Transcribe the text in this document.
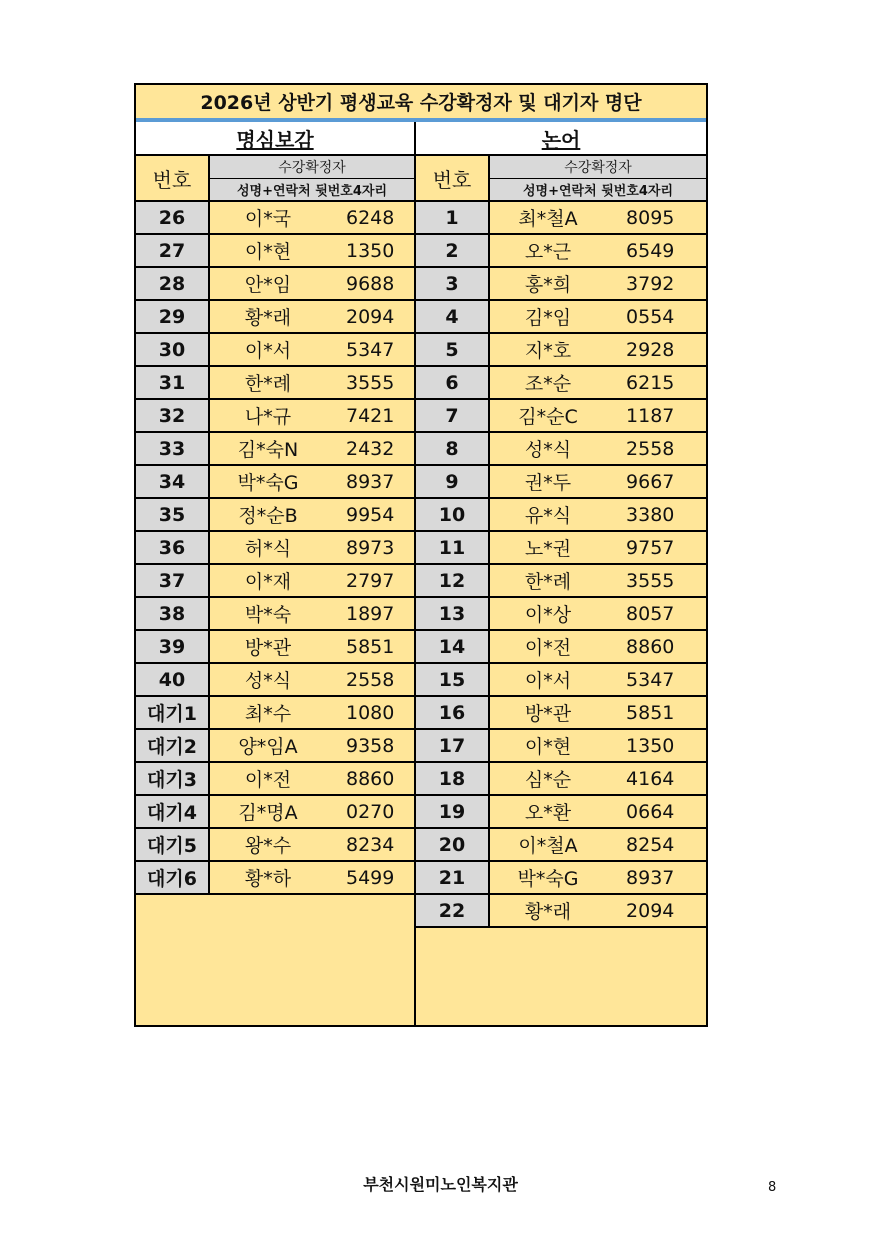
2026년 상반기 평생교육 수강확정자 및 대기자 명단
명심보감
번호	수강확정자
성명+연락처 뒷번호4자리
26	이*국	6248
27	이*현	1350
28	안*임	9688
29	황*래	2094
30	이*서	5347
31	한*례	3555
32	나*규	7421
33	김*숙N	2432
34	박*숙G	8937
35	정*순B	9954
36	허*식	8973
37	이*재	2797
38	박*숙	1897
39	방*관	5851
40	성*식	2558
대기1	최*수	1080
대기2	양*임A	9358
대기3	이*전	8860
대기4	김*명A	0270
대기5	왕*수	8234
대기6	황*하	5499
논어
번호	수강확정자
성명+연락처 뒷번호4자리
1	최*철A	8095
2	오*근	6549
3	홍*희	3792
4	김*임	0554
5	지*호	2928
6	조*순	6215
7	김*순C	1187
8	성*식	2558
9	권*두	9667
10	유*식	3380
11	노*권	9757
12	한*례	3555
13	이*상	8057
14	이*전	8860
15	이*서	5347
16	방*관	5851
17	이*현	1350
18	심*순	4164
19	오*환	0664
20	이*철A	8254
21	박*숙G	8937
22	황*래	2094
부천시원미노인복지관	8
